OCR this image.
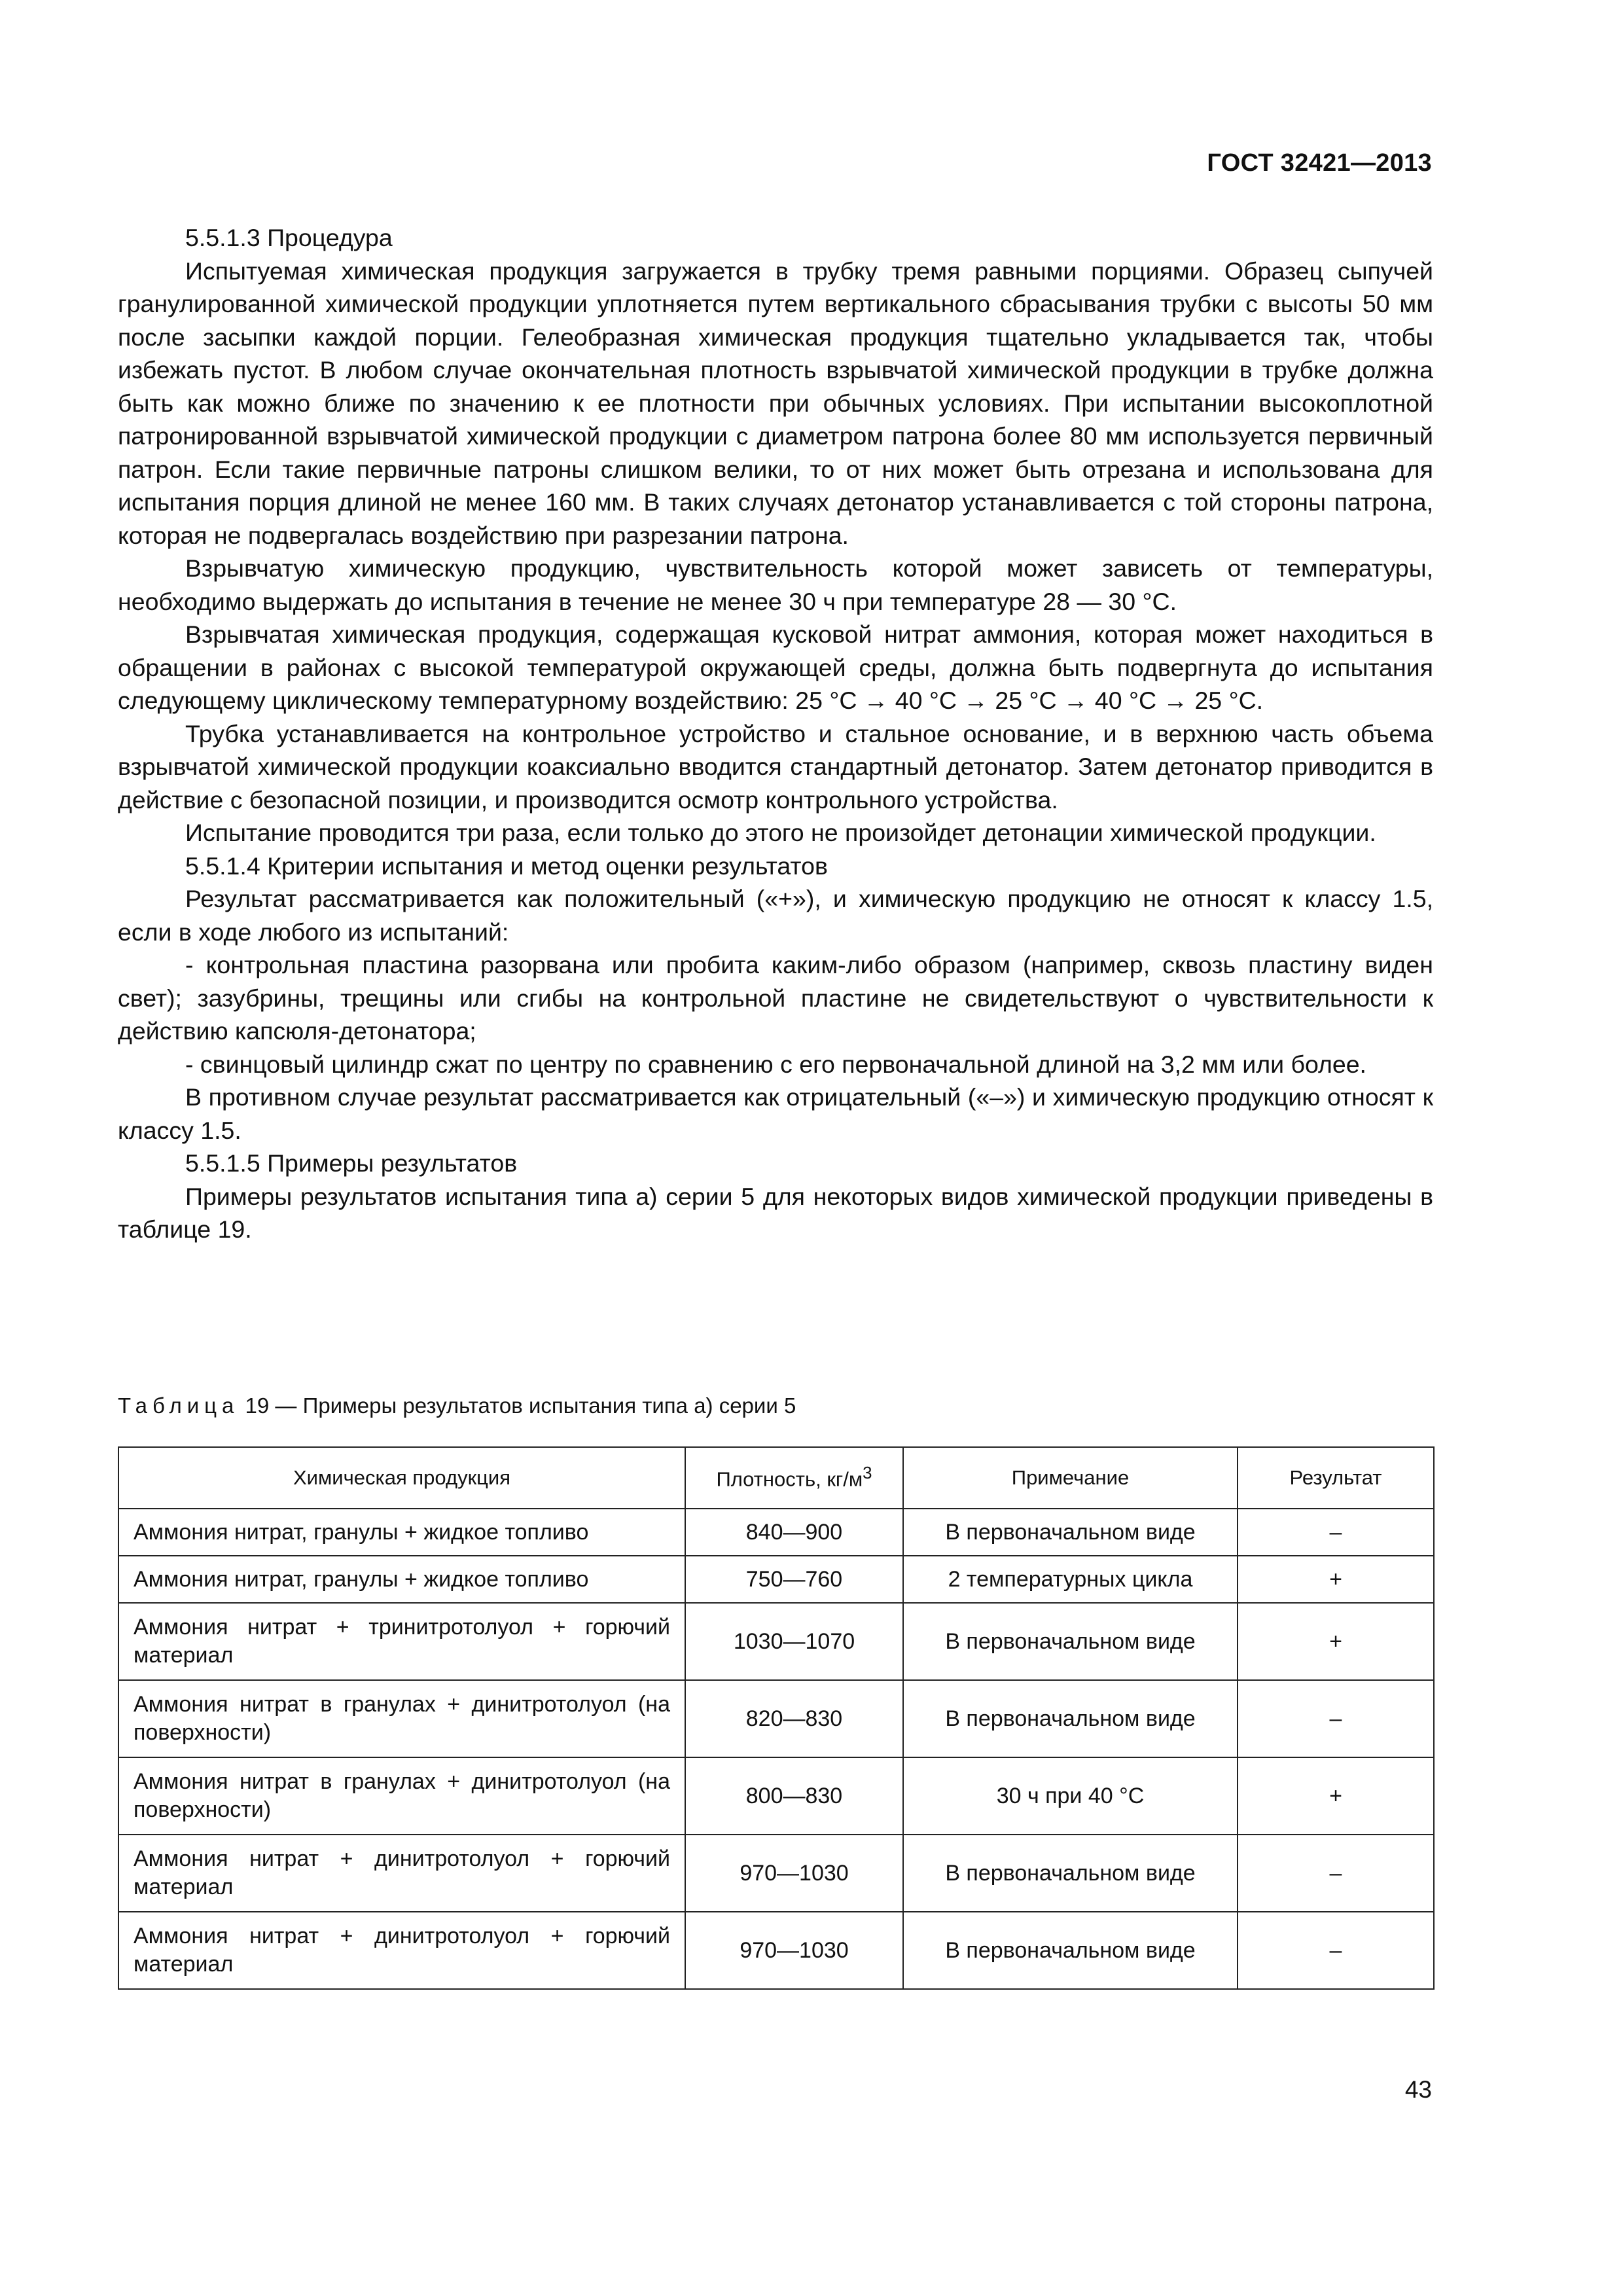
ГОСТ 32421—2013

5.5.1.3 Процедура

Испытуемая химическая продукция загружается в трубку тремя равными порциями. Образец сыпучей гранулированной химической продукции уплотняется путем вертикального сбрасывания трубки с высоты 50 мм после засыпки каждой порции. Гелеобразная химическая продукция тщательно укладывается так, чтобы избежать пустот. В любом случае окончательная плотность взрывчатой химической продукции в трубке должна быть как можно ближе по значению к ее плотности при обычных условиях. При испытании высокоплотной патронированной взрывчатой химической продукции с диаметром патрона более 80 мм используется первичный патрон. Если такие первичные патроны слишком велики, то от них может быть отрезана и использована для испытания порция длиной не менее 160 мм. В таких случаях детонатор устанавливается с той стороны патрона, которая не подвергалась воздействию при разрезании патрона.

Взрывчатую химическую продукцию, чувствительность которой может зависеть от температуры, необходимо выдержать до испытания в течение не менее 30 ч при температуре 28 — 30 °С.

Взрывчатая химическая продукция, содержащая кусковой нитрат аммония, которая может находиться в обращении в районах с высокой температурой окружающей среды, должна быть подвергнута до испытания следующему циклическому температурному воздействию: 25 °С → 40 °С → 25 °С → 40 °С → 25 °С.

Трубка устанавливается на контрольное устройство и стальное основание, и в верхнюю часть объема взрывчатой химической продукции коаксиально вводится стандартный детонатор. Затем детонатор приводится в действие с безопасной позиции, и производится осмотр контрольного устройства.

Испытание проводится три раза, если только до этого не произойдет детонации химической продукции.

5.5.1.4 Критерии испытания и метод оценки результатов

Результат рассматривается как положительный («+»), и химическую продукцию не относят к классу 1.5, если в ходе любого из испытаний:

- контрольная пластина разорвана или пробита каким-либо образом (например, сквозь пластину виден свет); зазубрины, трещины или сгибы на контрольной пластине не свидетельствуют о чувствительности к действию капсюля-детонатора;

- свинцовый цилиндр сжат по центру по сравнению с его первоначальной длиной на 3,2 мм или более.

В противном случае результат рассматривается как отрицательный («–») и химическую продукцию относят к классу 1.5.

5.5.1.5 Примеры результатов

Примеры результатов испытания типа а) серии 5 для некоторых видов химической продукции приведены в таблице 19.

Таблица 19 — Примеры результатов испытания типа а) серии 5
Химическая продукция	Плотность, $кг/м^3$	Примечание	Результат
Аммония нитрат, гранулы + жидкое топливо	840—900	В первоначальном виде	–
Аммония нитрат, гранулы + жидкое топливо	750—760	2 температурных цикла	+
Аммония нитрат + тринитротолуол + горючий материал	1030—1070	В первоначальном виде	+
Аммония нитрат в гранулах + динитротолуол (на поверхности)	820—830	В первоначальном виде	–
Аммония нитрат в гранулах + динитротолуол (на поверхности)	800—830	30 ч при 40 °С	+
Аммония нитрат + динитротолуол + горючий материал	970—1030	В первоначальном виде	–
Аммония нитрат + динитротолуол + горючий материал	970—1030	В первоначальном виде	–
43
